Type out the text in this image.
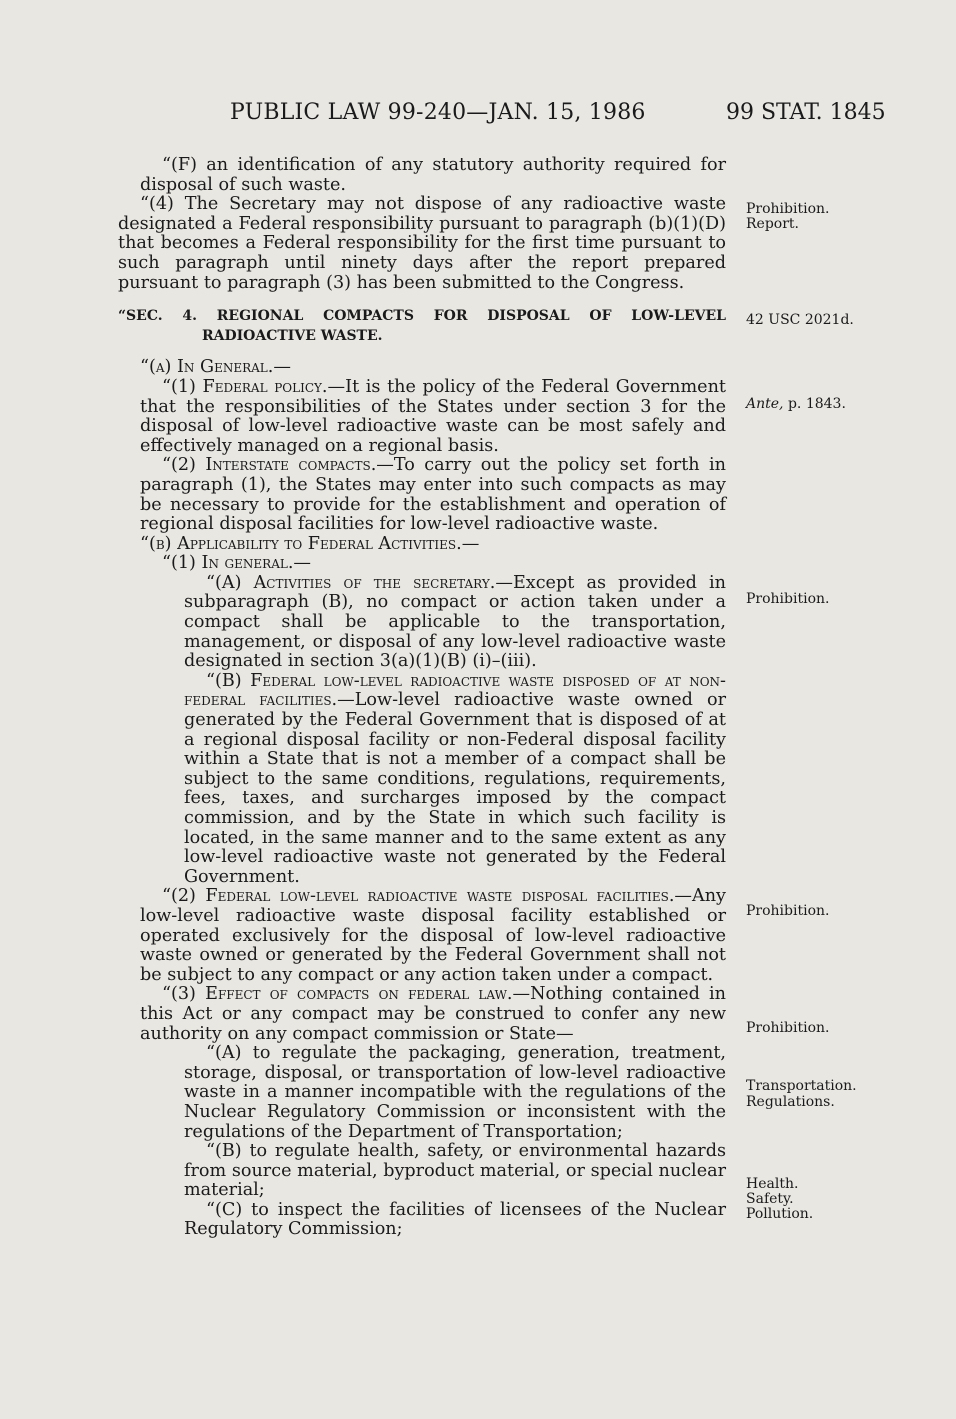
PUBLIC LAW 99-240—JAN. 15, 1986	99 STAT. 1845

“(F) an identification of any statutory authority required for disposal of such waste.

“(4) The Secretary may not dispose of any radioactive waste designated a Federal responsibility pursuant to paragraph (b)(1)(D) that becomes a Federal responsibility for the first time pursuant to such paragraph until ninety days after the report prepared pursuant to paragraph (3) has been submitted to the Congress.

“SEC. 4. REGIONAL COMPACTS FOR DISPOSAL OF LOW-LEVEL RADIOACTIVE WASTE.

“(a) In General.—

“(1) Federal policy.—It is the policy of the Federal Government that the responsibilities of the States under section 3 for the disposal of low-level radioactive waste can be most safely and effectively managed on a regional basis.

“(2) Interstate compacts.—To carry out the policy set forth in paragraph (1), the States may enter into such compacts as may be necessary to provide for the establishment and operation of regional disposal facilities for low-level radioactive waste.

“(b) Applicability to Federal Activities.—

“(1) In general.—

“(A) Activities of the secretary.—Except as provided in subparagraph (B), no compact or action taken under a compact shall be applicable to the transportation, management, or disposal of any low-level radioactive waste designated in section 3(a)(1)(B) (i)–(iii).

“(B) Federal low-level radioactive waste disposed of at non-federal facilities.—Low-level radioactive waste owned or generated by the Federal Government that is disposed of at a regional disposal facility or non-Federal disposal facility within a State that is not a member of a compact shall be subject to the same conditions, regulations, requirements, fees, taxes, and surcharges imposed by the compact commission, and by the State in which such facility is located, in the same manner and to the same extent as any low-level radioactive waste not generated by the Federal Government.

“(2) Federal low-level radioactive waste disposal facilities.—Any low-level radioactive waste disposal facility established or operated exclusively for the disposal of low-level radioactive waste owned or generated by the Federal Government shall not be subject to any compact or any action taken under a compact.

“(3) Effect of compacts on federal law.—Nothing contained in this Act or any compact may be construed to confer any new authority on any compact commission or State—

“(A) to regulate the packaging, generation, treatment, storage, disposal, or transportation of low-level radioactive waste in a manner incompatible with the regulations of the Nuclear Regulatory Commission or inconsistent with the regulations of the Department of Transportation;

“(B) to regulate health, safety, or environmental hazards from source material, byproduct material, or special nuclear material;

“(C) to inspect the facilities of licensees of the Nuclear Regulatory Commission;

Prohibition.
Report.
42 USC 2021d.
Ante, p. 1843.
Prohibition.
Prohibition.
Prohibition.
Transportation.
Regulations.
Health.
Safety.
Pollution.
